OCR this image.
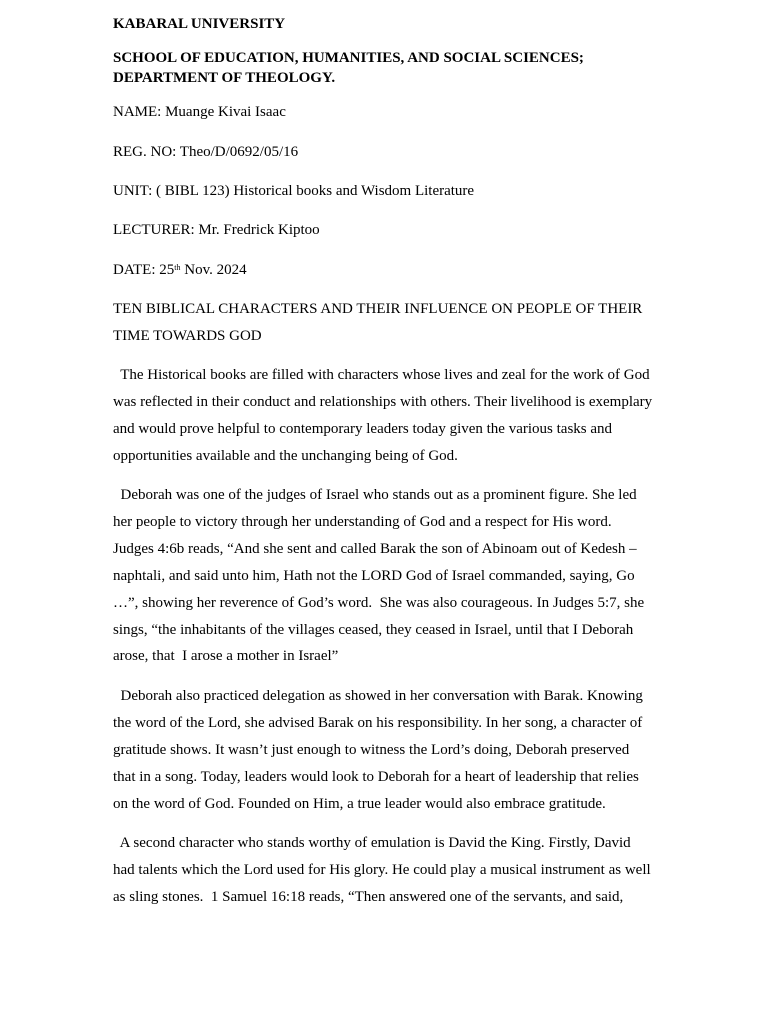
KABARAL UNIVERSITY

SCHOOL OF EDUCATION, HUMANITIES, AND SOCIAL SCIENCES;

DEPARTMENT OF THEOLOGY.

NAME: Muange Kivai Isaac

REG. NO: Theo/D/0692/05/16

UNIT: ( BIBL 123) Historical books and Wisdom Literature

LECTURER: Mr. Fredrick Kiptoo

DATE: 25th Nov. 2024

TEN BIBLICAL CHARACTERS AND THEIR INFLUENCE ON PEOPLE OF THEIR
TIME TOWARDS GOD
The Historical books are filled with characters whose lives and zeal for the work of God
was reflected in their conduct and relationships with others. Their livelihood is exemplary
and would prove helpful to contemporary leaders today given the various tasks and
opportunities available and the unchanging being of God.
Deborah was one of the judges of Israel who stands out as a prominent figure. She led
her people to victory through her understanding of God and a respect for His word.
Judges 4:6b reads, “And she sent and called Barak the son of Abinoam out of Kedesh –
naphtali, and said unto him, Hath not the LORD God of Israel commanded, saying, Go
…”, showing her reverence of God’s word.  She was also courageous. In Judges 5:7, she
sings, “the inhabitants of the villages ceased, they ceased in Israel, until that I Deborah
arose, that  I arose a mother in Israel”
Deborah also practiced delegation as showed in her conversation with Barak. Knowing
the word of the Lord, she advised Barak on his responsibility. In her song, a character of
gratitude shows. It wasn’t just enough to witness the Lord’s doing, Deborah preserved
that in a song. Today, leaders would look to Deborah for a heart of leadership that relies
on the word of God. Founded on Him, a true leader would also embrace gratitude.
A second character who stands worthy of emulation is David the King. Firstly, David
had talents which the Lord used for His glory. He could play a musical instrument as well
as sling stones.  1 Samuel 16:18 reads, “Then answered one of the servants, and said,
